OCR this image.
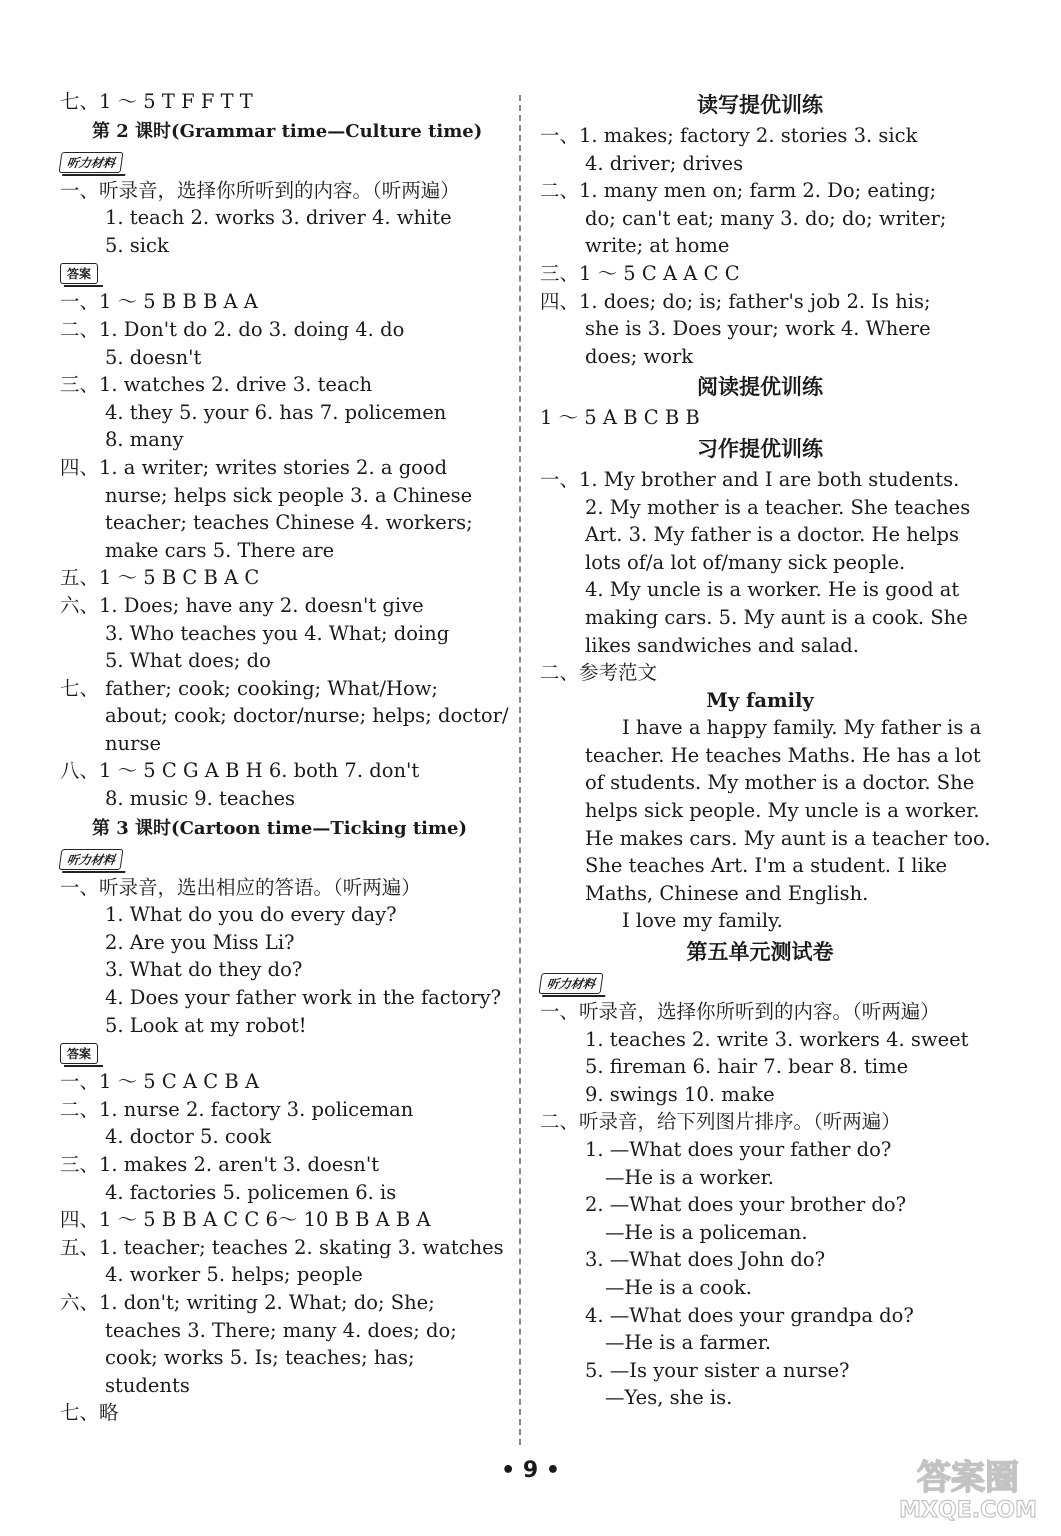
七、1 ～ 5 T F F T T
第 2 课时(Grammar time—Culture time)
听力材料
一、听录音，选择你所听到的内容。（听两遍）
1. teach 2. works 3. driver 4. white
5. sick
答案
一、1 ～ 5 B B B A A
二、1. Don't do 2. do 3. doing 4. do
5. doesn't
三、1. watches 2. drive 3. teach
4. they 5. your 6. has 7. policemen
8. many
四、1. a writer; writes stories 2. a good
nurse; helps sick people 3. a Chinese
teacher; teaches Chinese 4. workers;
make cars 5. There are
五、1 ～ 5 B C B A C
六、1. Does; have any 2. doesn't give
3. Who teaches you 4. What; doing
5. What does; do
七、 father; cook; cooking; What/How;
about; cook; doctor/nurse; helps; doctor/
nurse
八、1 ～ 5 C G A B H 6. both 7. don't
8. music 9. teaches
第 3 课时(Cartoon time—Ticking time)
听力材料
一、听录音，选出相应的答语。（听两遍）
1. What do you do every day?
2. Are you Miss Li?
3. What do they do?
4. Does your father work in the factory?
5. Look at my robot!
答案
一、1 ～ 5 C A C B A
二、1. nurse 2. factory 3. policeman
4. doctor 5. cook
三、1. makes 2. aren't 3. doesn't
4. factories 5. policemen 6. is
四、1 ～ 5 B B A C C 6～ 10 B B A B A
五、1. teacher; teaches 2. skating 3. watches
4. worker 5. helps; people
六、1. don't; writing 2. What; do; She;
teaches 3. There; many 4. does; do;
cook; works 5. Is; teaches; has;
students
七、略
读写提优训练
一、1. makes; factory 2. stories 3. sick
4. driver; drives
二、1. many men on; farm 2. Do; eating;
do; can't eat; many 3. do; do; writer;
write; at home
三、1 ～ 5 C A A C C
四、1. does; do; is; father's job 2. Is his;
she is 3. Does your; work 4. Where
does; work
阅读提优训练
1 ～ 5 A B C B B
习作提优训练
一、1. My brother and I are both students.
2. My mother is a teacher. She teaches
Art. 3. My father is a doctor. He helps
lots of/a lot of/many sick people.
4. My uncle is a worker. He is good at
making cars. 5. My aunt is a cook. She
likes sandwiches and salad.
二、参考范文
My family
I have a happy family. My father is a
teacher. He teaches Maths. He has a lot
of students. My mother is a doctor. She
helps sick people. My uncle is a worker.
He makes cars. My aunt is a teacher too.
She teaches Art. I'm a student. I like
Maths, Chinese and English.
I love my family.
第五单元测试卷
听力材料
一、听录音，选择你所听到的内容。（听两遍）
1. teaches 2. write 3. workers 4. sweet
5. fireman 6. hair 7. bear 8. time
9. swings 10. make
二、听录音，给下列图片排序。（听两遍）
1. —What does your father do?
—He is a worker.
2. —What does your brother do?
—He is a policeman.
3. —What does John do?
—He is a cook.
4. —What does your grandpa do?
—He is a farmer.
5. —Is your sister a nurse?
—Yes, she is.
• 9 •	答案圈
MXQE.COM
